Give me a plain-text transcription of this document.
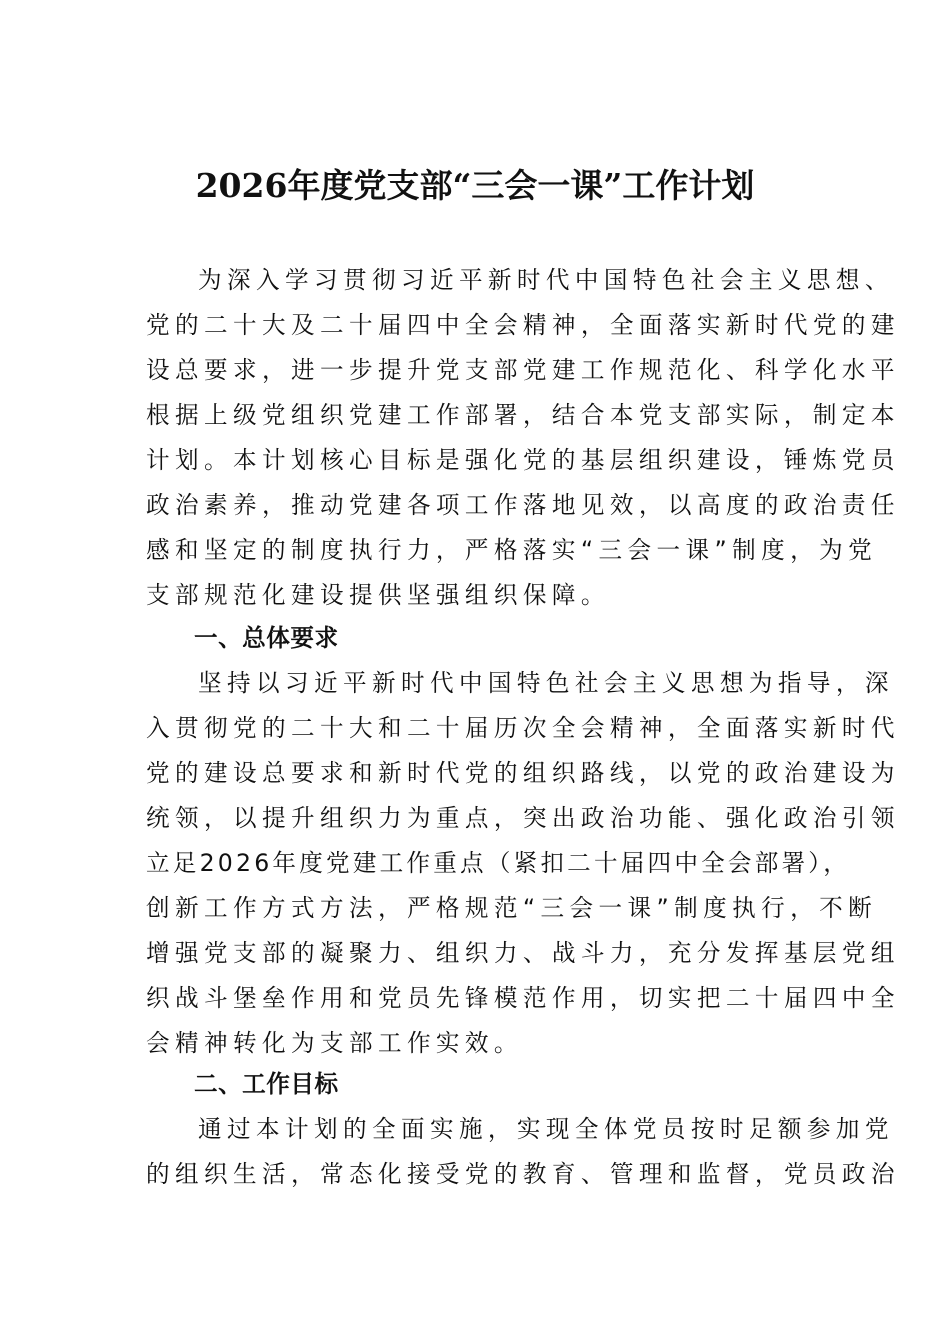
2026年度党支部“三会一课”工作计划
为深入学习贯彻习近平新时代中国特色社会主义思想、
党的二十大及二十届四中全会精神，全面落实新时代党的建
设总要求，进一步提升党支部党建工作规范化、科学化水平
根据上级党组织党建工作部署，结合本党支部实际，制定本
计划。本计划核心目标是强化党的基层组织建设，锤炼党员
政治素养，推动党建各项工作落地见效，以高度的政治责任
感和坚定的制度执行力，严格落实“三会一课”制度，为党
支部规范化建设提供坚强组织保障。
一、总体要求
坚持以习近平新时代中国特色社会主义思想为指导，深
入贯彻党的二十大和二十届历次全会精神，全面落实新时代
党的建设总要求和新时代党的组织路线，以党的政治建设为
统领，以提升组织力为重点，突出政治功能、强化政治引领
立足2026年度党建工作重点（紧扣二十届四中全会部署），
创新工作方式方法，严格规范“三会一课”制度执行，不断
增强党支部的凝聚力、组织力、战斗力，充分发挥基层党组
织战斗堡垒作用和党员先锋模范作用，切实把二十届四中全
会精神转化为支部工作实效。
二、工作目标
通过本计划的全面实施，实现全体党员按时足额参加党
的组织生活，常态化接受党的教育、管理和监督，党员政治
